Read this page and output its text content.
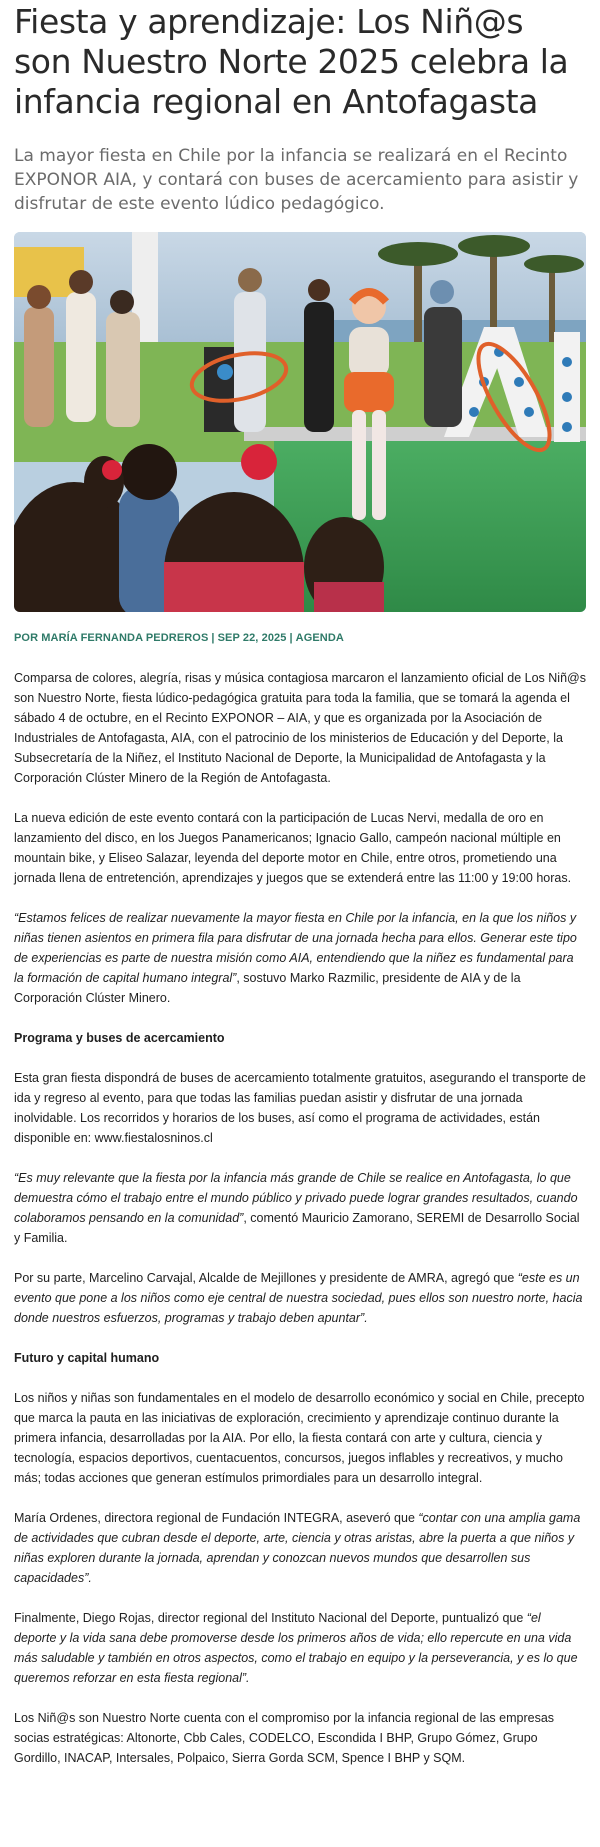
Fiesta y aprendizaje: Los Niñ@s son Nuestro Norte 2025 celebra la infancia regional en Antofagasta

La mayor fiesta en Chile por la infancia se realizará en el Recinto EXPONOR AIA, y contará con buses de acercamiento para asistir y disfrutar de este evento lúdico pedagógico.

POR MARÍA FERNANDA PEDREROS | SEP 22, 2025 | AGENDA

Comparsa de colores, alegría, risas y música contagiosa marcaron el lanzamiento oficial de Los Niñ@s son Nuestro Norte, fiesta lúdico-pedagógica gratuita para toda la familia, que se tomará la agenda el sábado 4 de octubre, en el Recinto EXPONOR – AIA, y que es organizada por la Asociación de Industriales de Antofagasta, AIA, con el patrocinio de los ministerios de Educación y del Deporte, la Subsecretaría de la Niñez, el Instituto Nacional de Deporte, la Municipalidad de Antofagasta y la Corporación Clúster Minero de la Región de Antofagasta.

La nueva edición de este evento contará con la participación de Lucas Nervi, medalla de oro en lanzamiento del disco, en los Juegos Panamericanos; Ignacio Gallo, campeón nacional múltiple en mountain bike, y Eliseo Salazar, leyenda del deporte motor en Chile, entre otros, prometiendo una jornada llena de entretención, aprendizajes y juegos que se extenderá entre las 11:00 y 19:00 horas.

“Estamos felices de realizar nuevamente la mayor fiesta en Chile por la infancia, en la que los niños y niñas tienen asientos en primera fila para disfrutar de una jornada hecha para ellos. Generar este tipo de experiencias es parte de nuestra misión como AIA, entendiendo que la niñez es fundamental para la formación de capital humano integral”, sostuvo Marko Razmilic, presidente de AIA y de la Corporación Clúster Minero.

Programa y buses de acercamiento

Esta gran fiesta dispondrá de buses de acercamiento totalmente gratuitos, asegurando el transporte de ida y regreso al evento, para que todas las familias puedan asistir y disfrutar de una jornada inolvidable. Los recorridos y horarios de los buses, así como el programa de actividades, están disponible en: www.fiestalosninos.cl

“Es muy relevante que la fiesta por la infancia más grande de Chile se realice en Antofagasta, lo que demuestra cómo el trabajo entre el mundo público y privado puede lograr grandes resultados, cuando colaboramos pensando en la comunidad”, comentó Mauricio Zamorano, SEREMI de Desarrollo Social y Familia.

Por su parte, Marcelino Carvajal, Alcalde de Mejillones y presidente de AMRA, agregó que “este es un evento que pone a los niños como eje central de nuestra sociedad, pues ellos son nuestro norte, hacia donde nuestros esfuerzos, programas y trabajo deben apuntar”.

Futuro y capital humano

Los niños y niñas son fundamentales en el modelo de desarrollo económico y social en Chile, precepto que marca la pauta en las iniciativas de exploración, crecimiento y aprendizaje continuo durante la primera infancia, desarrolladas por la AIA. Por ello, la fiesta contará con arte y cultura, ciencia y tecnología, espacios deportivos, cuentacuentos, concursos, juegos inflables y recreativos, y mucho más; todas acciones que generan estímulos primordiales para un desarrollo integral.

María Ordenes, directora regional de Fundación INTEGRA, aseveró que “contar con una amplia gama de actividades que cubran desde el deporte, arte, ciencia y otras aristas, abre la puerta a que niños y niñas exploren durante la jornada, aprendan y conozcan nuevos mundos que desarrollen sus capacidades”.

Finalmente, Diego Rojas, director regional del Instituto Nacional del Deporte, puntualizó que “el deporte y la vida sana debe promoverse desde los primeros años de vida; ello repercute en una vida más saludable y también en otros aspectos, como el trabajo en equipo y la perseverancia, y es lo que queremos reforzar en esta fiesta regional”.

Los Niñ@s son Nuestro Norte cuenta con el compromiso por la infancia regional de las empresas socias estratégicas: Altonorte, Cbb Cales, CODELCO, Escondida I BHP, Grupo Gómez, Grupo Gordillo, INACAP, Intersales, Polpaico, Sierra Gorda SCM, Spence I BHP y SQM.
